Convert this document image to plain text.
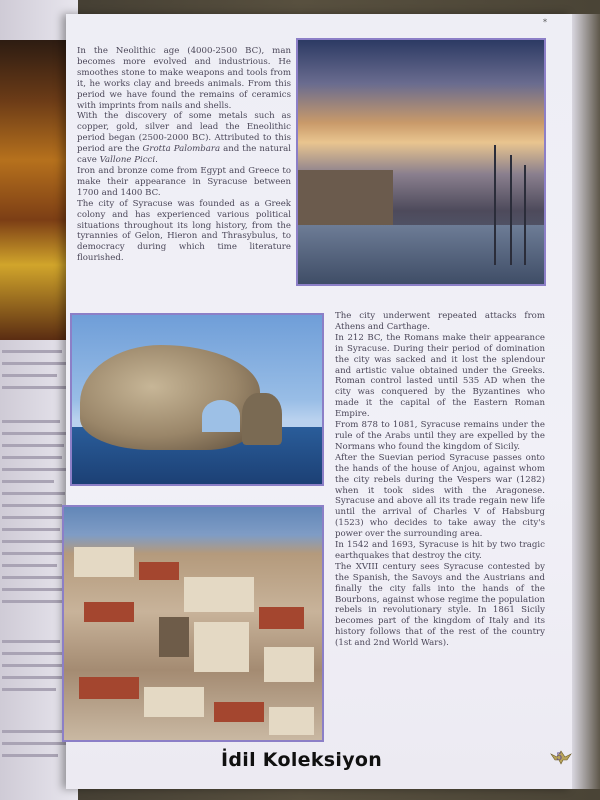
*

In the Neolithic age (4000-2500 BC), man becomes more evolved and industrious. He smoothes stone to make weapons and tools from it, he works clay and breeds animals. From this period we have found the remains of ceramics with imprints from nails and shells.

With the discovery of some metals such as copper, gold, silver and lead the Eneolithic period began (2500-2000 BC). Attributed to this period are the Grotta Palombara and the natural cave Vallone Picci.

Iron and bronze come from Egypt and Greece to make their appearance in Syracuse between 1700 and 1400 BC.

The city of Syracuse was founded as a Greek colony and has experienced various political situations throughout its long history, from the tyrannies of Gelon, Hieron and Thrasybulus, to democracy during which time literature flourished.

The city underwent repeated attacks from Athens and Carthage.

In 212 BC, the Romans make their appearance in Syracuse. During their period of domination the city was sacked and it lost the splendour and artistic value obtained under the Greeks. Roman control lasted until 535 AD when the city was conquered by the Byzantines who made it the capital of the Eastern Roman Empire.

From 878 to 1081, Syracuse remains under the rule of the Arabs until they are expelled by the Normans who found the kingdom of Sicily.

After the Suevian period Syracuse passes onto the hands of the house of Anjou, against whom the city rebels during the Vespers war (1282) when it took sides with the Aragonese. Syracuse and above all its trade regain new life until the arrival of Charles V of Habsburg (1523) who decides to take away the city's power over the surrounding area.

In 1542 and 1693, Syracuse is hit by two tragic earthquakes that destroy the city.

The XVIII century sees Syracuse contested by the Spanish, the Savoys and the Austrians and finally the city falls into the hands of the Bourbons, against whose regime the population rebels in revolutionary style. In 1861 Sicily becomes part of the kingdom of Italy and its history follows that of the rest of the country (1st and 2nd World Wars).

İdil Koleksiyon	5
